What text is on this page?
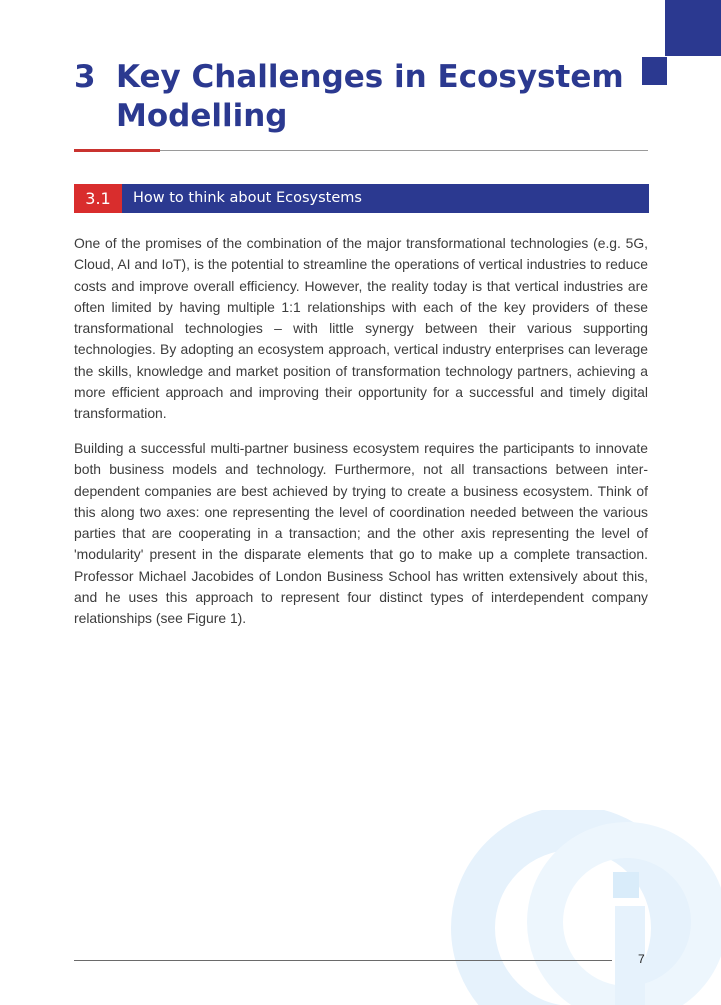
3 Key Challenges in Ecosystem Modelling
3.1	How to think about Ecosystems

One of the promises of the combination of the major transformational technologies (e.g. 5G, Cloud, AI and IoT), is the potential to streamline the operations of vertical industries to reduce costs and improve overall efficiency. However, the reality today is that vertical industries are often limited by having multiple 1:1 relationships with each of the key providers of these transformational technologies – with little synergy between their various supporting technologies. By adopting an ecosystem approach, vertical industry enterprises can leverage the skills, knowledge and market position of transformation technology partners, achieving a more efficient approach and improving their opportunity for a successful and timely digital transformation.

Building a successful multi-partner business ecosystem requires the participants to innovate both business models and technology. Furthermore, not all transactions between inter-dependent companies are best achieved by trying to create a business ecosystem. Think of this along two axes: one representing the level of coordination needed between the various parties that are cooperating in a transaction; and the other axis representing the level of 'modularity' present in the disparate elements that go to make up a complete transaction. Professor Michael Jacobides of London Business School has written extensively about this, and he uses this approach to represent four distinct types of interdependent company relationships (see Figure 1).

7
